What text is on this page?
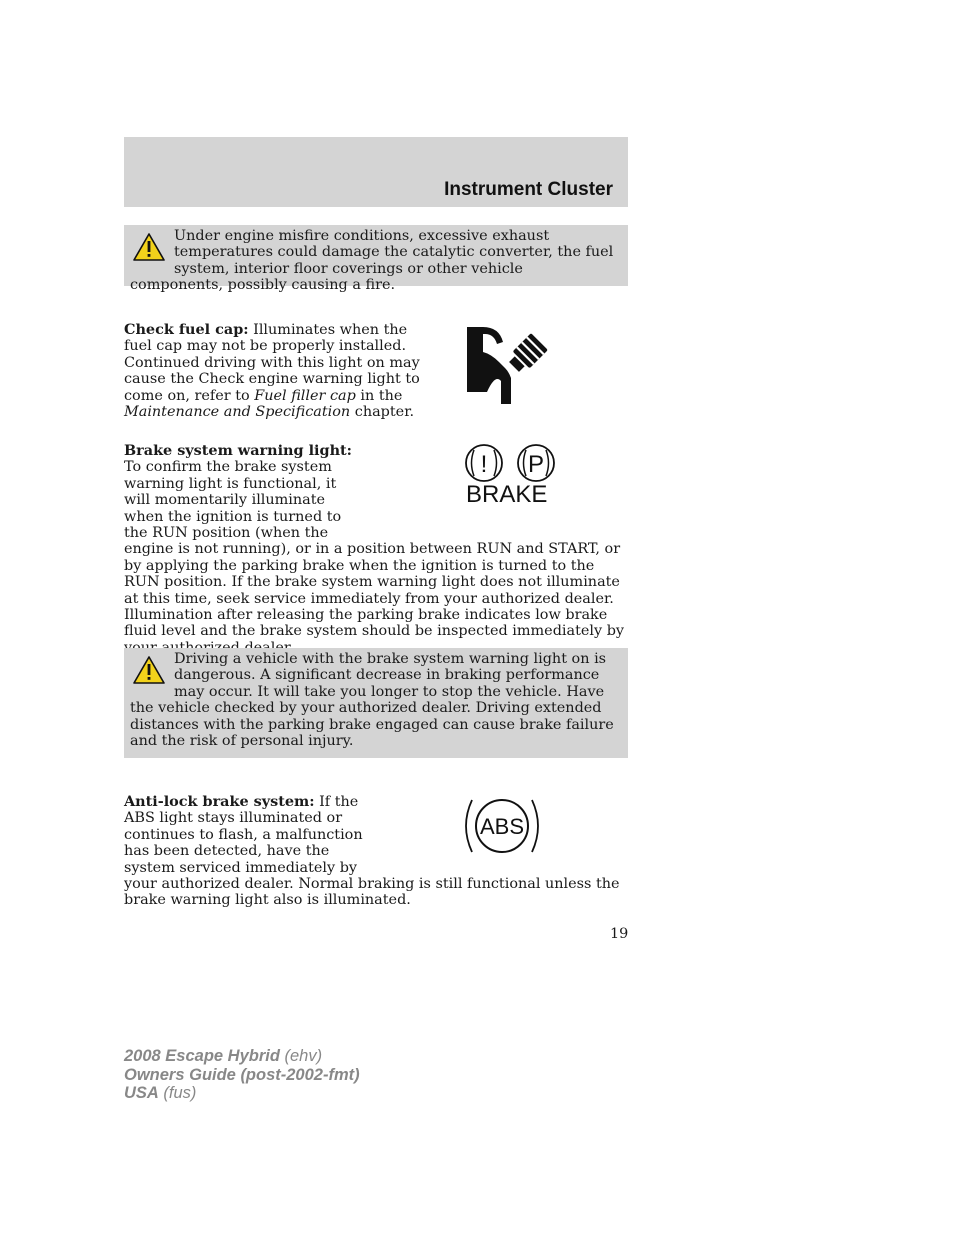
Instrument Cluster

Under engine misfire conditions, excessive exhaust temperatures could damage the catalytic converter, the fuel system, interior floor coverings or other vehicle components, possibly causing a fire.

Check fuel cap: Illuminates when the fuel cap may not be properly installed. Continued driving with this light on may cause the Check engine warning light to come on, refer to Fuel filler cap in the Maintenance and Specification chapter.

Brake system warning light: To confirm the brake system warning light is functional, it will momentarily illuminate when the ignition is turned to the RUN position (when the engine is not running), or in a position between RUN and START, or by applying the parking brake when the ignition is turned to the RUN position. If the brake system warning light does not illuminate at this time, seek service immediately from your authorized dealer. Illumination after releasing the parking brake indicates low brake fluid level and the brake system should be inspected immediately by

! P
BRAKE

Driving a vehicle with the brake system warning light on is dangerous. A significant decrease in braking performance may occur. It will take you longer to stop the vehicle. Have the vehicle checked by your authorized dealer. Driving extended distances with the parking brake engaged can cause brake failure and the risk of personal injury.

Anti-lock brake system: If the ABS light stays illuminated or continues to flash, a malfunction has been detected, have the system serviced immediately by your authorized dealer. Normal braking is still functional unless the brake warning light also is illuminated.

ABS
19
2008 Escape Hybrid (ehv)
Owners Guide (post-2002-fmt)
USA (fus)
